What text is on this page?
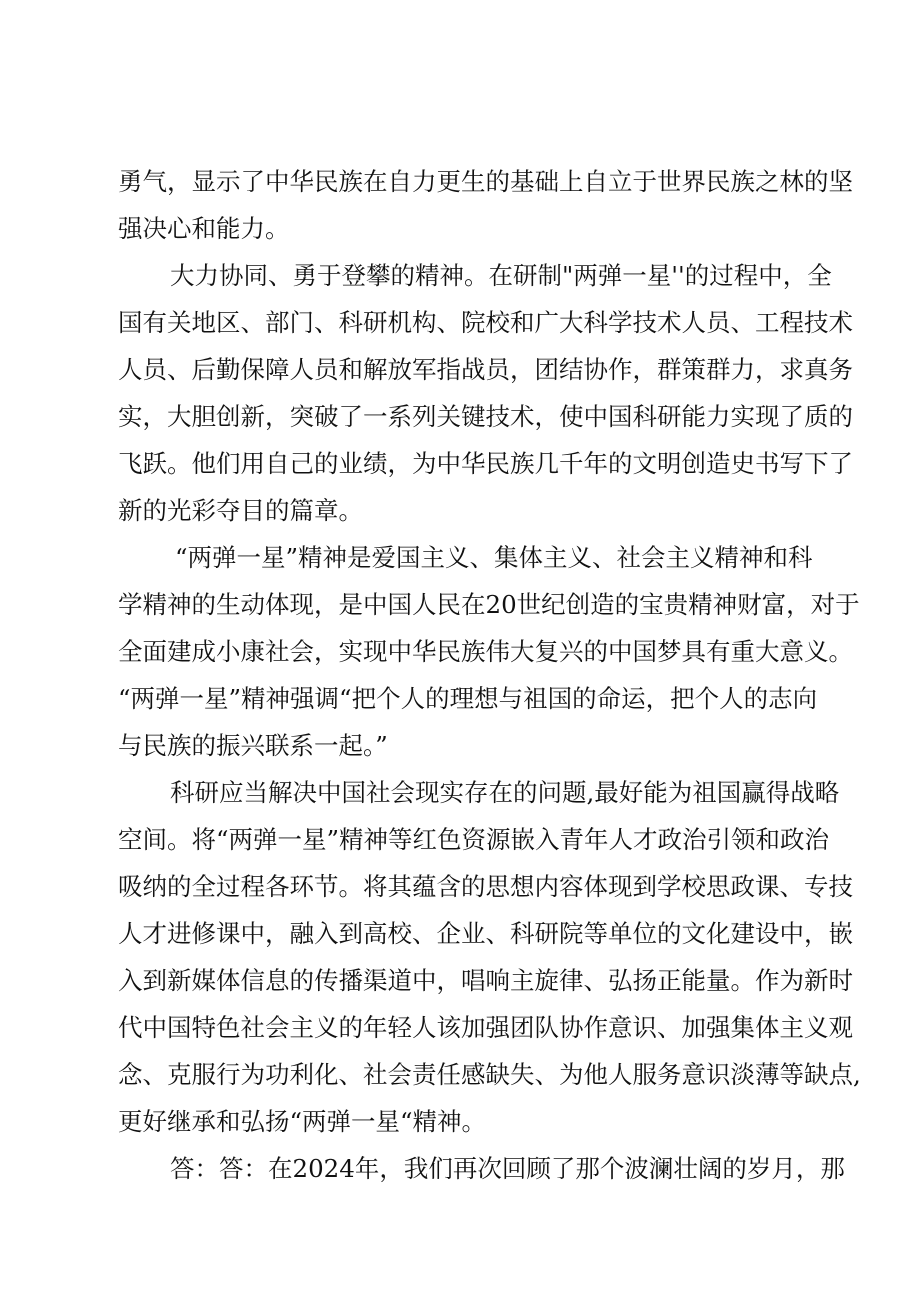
勇气，显示了中华民族在自力更生的基础上自立于世界民族之林的坚
强决心和能力。
大力协同、勇于登攀的精神。在研制"两弹一星''的过程中，全
国有关地区、部门、科研机构、院校和广大科学技术人员、工程技术
人员、后勤保障人员和解放军指战员，团结协作，群策群力，求真务
实，大胆创新，突破了一系列关键技术，使中国科研能力实现了质的
飞跃。他们用自己的业绩，为中华民族几千年的文明创造史书写下了
新的光彩夺目的篇章。
“两弹一星”精神是爱国主义、集体主义、社会主义精神和科
学精神的生动体现，是中国人民在20世纪创造的宝贵精神财富，对于
全面建成小康社会，实现中华民族伟大复兴的中国梦具有重大意义。
“两弹一星”精神强调“把个人的理想与祖国的命运，把个人的志向
与民族的振兴联系一起。”
科研应当解决中国社会现实存在的问题,最好能为祖国赢得战略
空间。将“两弹一星”精神等红色资源嵌入青年人才政治引领和政治
吸纳的全过程各环节。将其蕴含的思想内容体现到学校思政课、专技
人才进修课中，融入到高校、企业、科研院等单位的文化建设中，嵌
入到新媒体信息的传播渠道中，唱响主旋律、弘扬正能量。作为新时
代中国特色社会主义的年轻人该加强团队协作意识、加强集体主义观
念、克服行为功利化、社会责任感缺失、为他人服务意识淡薄等缺点,
更好继承和弘扬“两弹一星“精神。
答：答：在2024年，我们再次回顾了那个波澜壮阔的岁月，那
